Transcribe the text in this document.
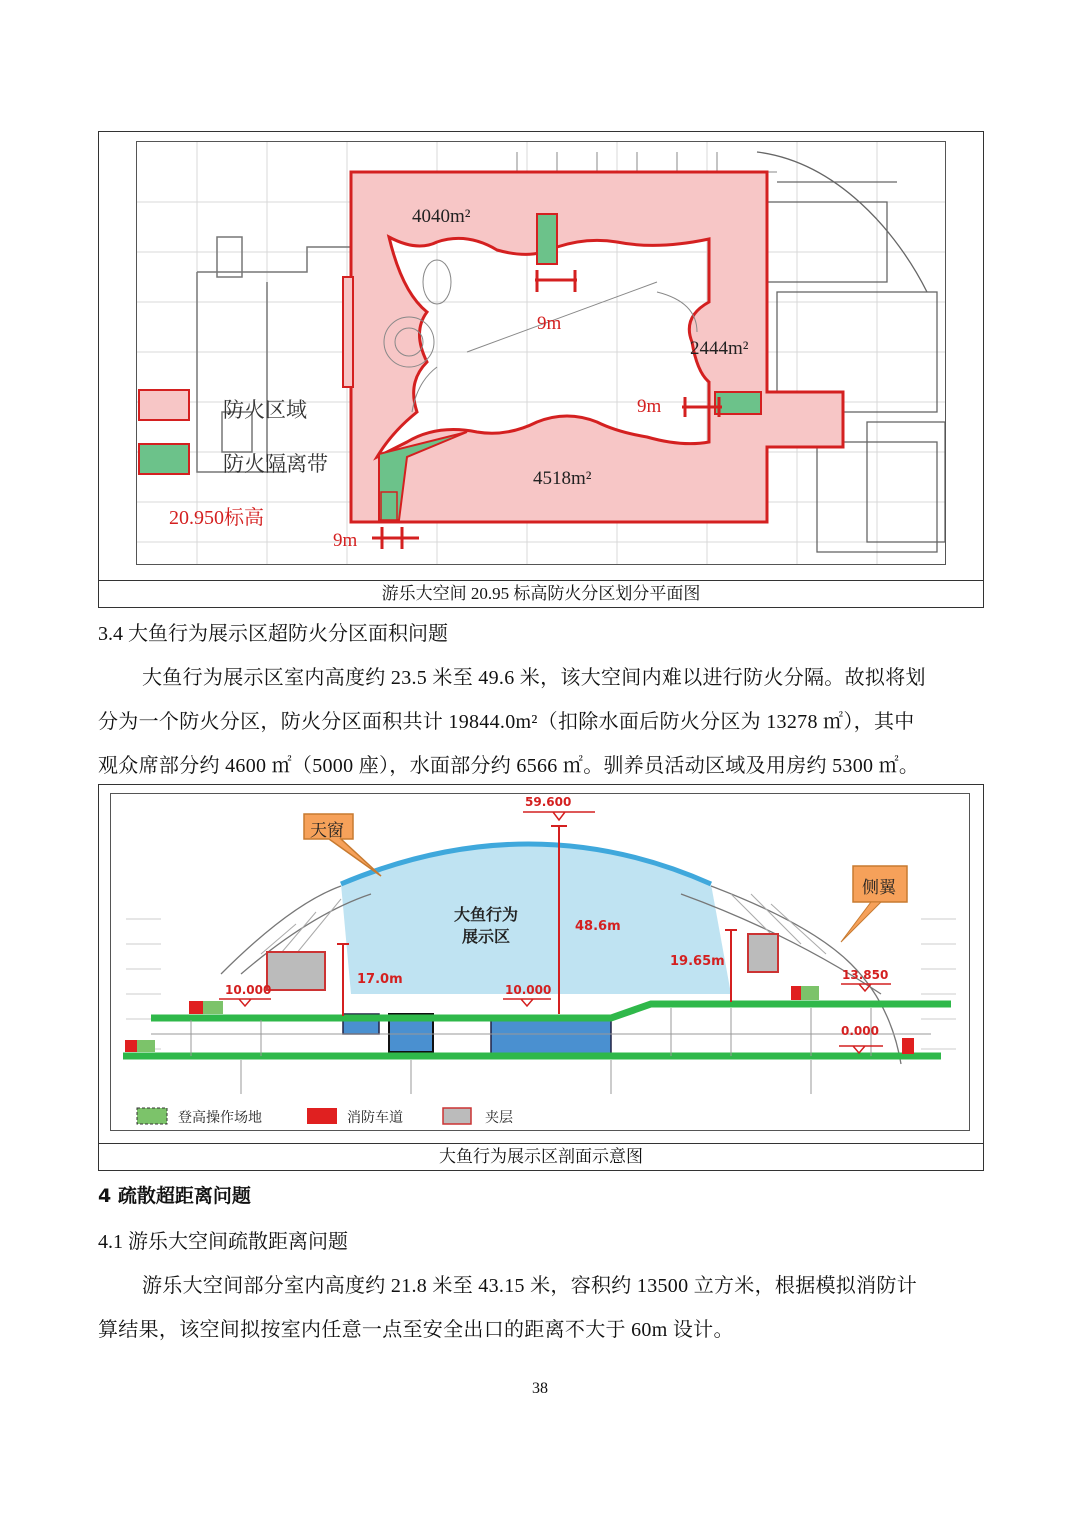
4040m²
2444m²
4518m²
9m
9m
9m
防火区域
防火隔离带
20.950标高
游乐大空间 20.95 标高防火分区划分平面图
3.4 大鱼行为展示区超防火分区面积问题
大鱼行为展示区室内高度约 23.5 米至 49.6 米，该大空间内难以进行防火分隔。故拟将划
分为一个防火分区，防火分区面积共计 19844.0m²（扣除水面后防火分区为 13278 ㎡），其中
观众席部分约 4600 ㎡（5000 座），水面部分约 6566 ㎡。驯养员活动区域及用房约 5300 ㎡。
天窗
侧翼
大鱼行为
展示区
59.600
10.000	10.000
13.850
0.000
48.6m
17.0m
19.65m
登高操作场地	消防车道	夹层
大鱼行为展示区剖面示意图
4 疏散超距离问题
4.1 游乐大空间疏散距离问题
游乐大空间部分室内高度约 21.8 米至 43.15 米，容积约 13500 立方米，根据模拟消防计
算结果，该空间拟按室内任意一点至安全出口的距离不大于 60m 设计。
38
